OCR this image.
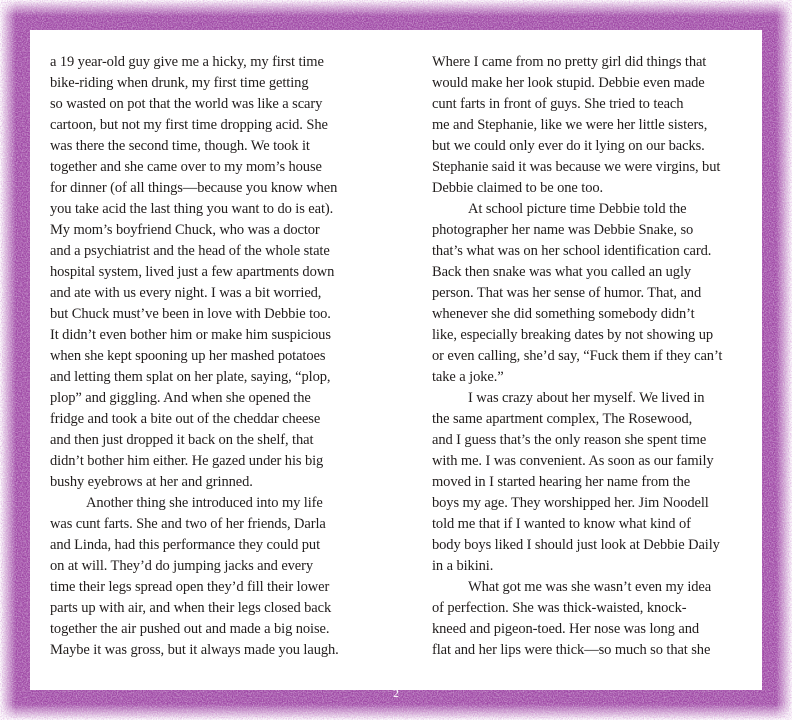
a 19 year-old guy give me a hicky, my first time
bike-riding when drunk, my first time getting
so wasted on pot that the world was like a scary
cartoon, but not my first time dropping acid. She
was there the second time, though. We took it
together and she came over to my mom’s house
for dinner (of all things—because you know when
you take acid the last thing you want to do is eat).
My mom’s boyfriend Chuck, who was a doctor
and a psychiatrist and the head of the whole state
hospital system, lived just a few apartments down
and ate with us every night. I was a bit worried,
but Chuck must’ve been in love with Debbie too.
It didn’t even bother him or make him suspicious
when she kept spooning up her mashed potatoes
and letting them splat on her plate, saying, “plop,
plop” and giggling. And when she opened the
fridge and took a bite out of the cheddar cheese
and then just dropped it back on the shelf, that
didn’t bother him either. He gazed under his big
bushy eyebrows at her and grinned.
Another thing she introduced into my life
was cunt farts. She and two of her friends, Darla
and Linda, had this performance they could put
on at will. They’d do jumping jacks and every
time their legs spread open they’d fill their lower
parts up with air, and when their legs closed back
together the air pushed out and made a big noise.
Maybe it was gross, but it always made you laugh.
Where I came from no pretty girl did things that
would make her look stupid. Debbie even made
cunt farts in front of guys. She tried to teach
me and Stephanie, like we were her little sisters,
but we could only ever do it lying on our backs.
Stephanie said it was because we were virgins, but
Debbie claimed to be one too.
At school picture time Debbie told the
photographer her name was Debbie Snake, so
that’s what was on her school identification card.
Back then snake was what you called an ugly
person. That was her sense of humor. That, and
whenever she did something somebody didn’t
like, especially breaking dates by not showing up
or even calling, she’d say, “Fuck them if they can’t
take a joke.”
I was crazy about her myself. We lived in
the same apartment complex, The Rosewood,
and I guess that’s the only reason she spent time
with me. I was convenient. As soon as our family
moved in I started hearing her name from the
boys my age. They worshipped her. Jim Noodell
told me that if I wanted to know what kind of
body boys liked I should just look at Debbie Daily
in a bikini.
What got me was she wasn’t even my idea
of perfection. She was thick-waisted, knock-
kneed and pigeon-toed. Her nose was long and
flat and her lips were thick—so much so that she
2
